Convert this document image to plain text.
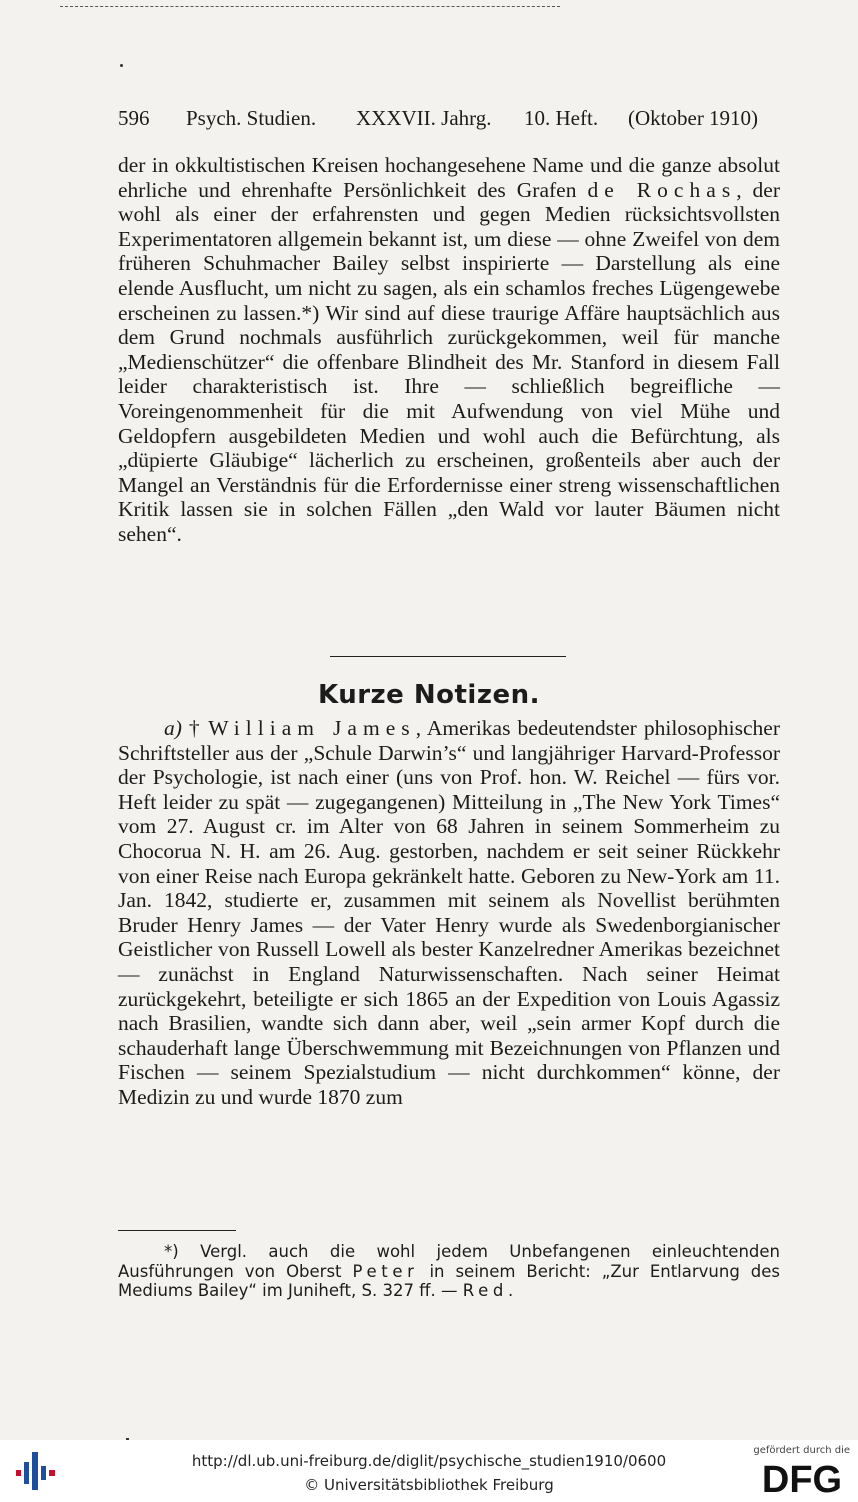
596 Psych. Studien. XXXVII. Jahrg. 10. Heft. (Oktober 1910)

der in okkultistischen Kreisen hochangesehene Name und die ganze absolut ehrliche und ehrenhafte Persönlichkeit des Grafen de Rochas, der wohl als einer der erfahrensten und gegen Medien rücksichtsvollsten Experimentatoren allgemein bekannt ist, um diese — ohne Zweifel von dem früheren Schuhmacher Bailey selbst inspirierte — Darstellung als eine elende Ausflucht, um nicht zu sagen, als ein schamlos freches Lügengewebe erscheinen zu lassen.*) Wir sind auf diese traurige Affäre hauptsächlich aus dem Grund nochmals ausführlich zurückgekommen, weil für manche „Medienschützer“ die offenbare Blindheit des Mr. Stanford in diesem Fall leider charakteristisch ist. Ihre — schließlich begreifliche — Voreingenommenheit für die mit Aufwendung von viel Mühe und Geldopfern ausgebildeten Medien und wohl auch die Befürchtung, als „düpierte Gläubige“ lächerlich zu erscheinen, großenteils aber auch der Mangel an Verständnis für die Erfordernisse einer streng wissenschaftlichen Kritik lassen sie in solchen Fällen „den Wald vor lauter Bäumen nicht sehen“.

Kurze Notizen.

a) † William James, Amerikas bedeutendster philosophischer Schriftsteller aus der „Schule Darwin’s“ und langjähriger Harvard-Professor der Psychologie, ist nach einer (uns von Prof. hon. W. Reichel — fürs vor. Heft leider zu spät — zugegangenen) Mitteilung in „The New York Times“ vom 27. August cr. im Alter von 68 Jahren in seinem Sommerheim zu Chocorua N. H. am 26. Aug. gestorben, nachdem er seit seiner Rückkehr von einer Reise nach Europa gekränkelt hatte. Geboren zu New-York am 11. Jan. 1842, studierte er, zusammen mit seinem als Novellist berühmten Bruder Henry James — der Vater Henry wurde als Swedenborgianischer Geistlicher von Russell Lowell als bester Kanzelredner Amerikas bezeichnet — zunächst in England Naturwissenschaften. Nach seiner Heimat zurückgekehrt, beteiligte er sich 1865 an der Expedition von Louis Agassiz nach Brasilien, wandte sich dann aber, weil „sein armer Kopf durch die schauderhaft lange Überschwemmung mit Bezeichnungen von Pflanzen und Fischen — seinem Spezialstudium — nicht durchkommen“ könne, der Medizin zu und wurde 1870 zum

*) Vergl. auch die wohl jedem Unbefangenen einleuchtenden Ausführungen von Oberst Peter in seinem Bericht: „Zur Entlarvung des Mediums Bailey“ im Juniheft, S. 327 ff. — Red.

http://dl.ub.uni-freiburg.de/diglit/psychische_studien1910/0600
© Universitätsbibliothek Freiburg
gefördert durch die
DFG
